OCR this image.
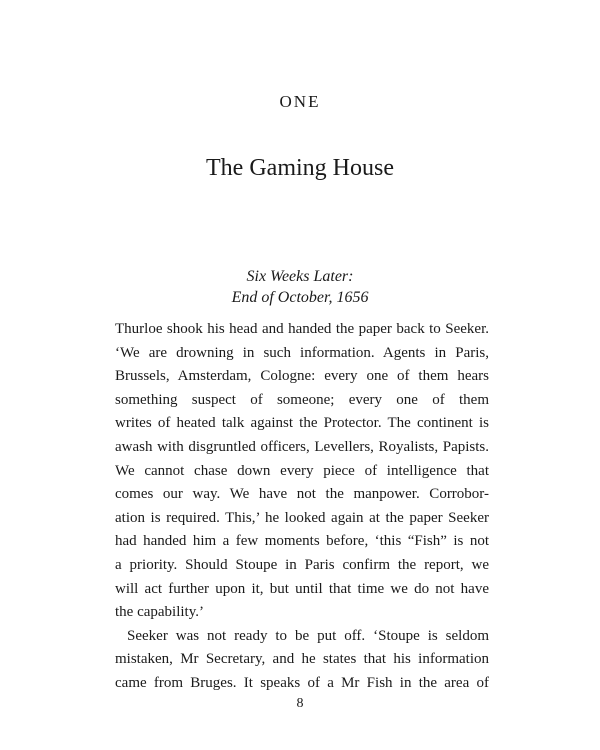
ONE
The Gaming House
Six Weeks Later:
End of October, 1656
Thurloe shook his head and handed the paper back to Seeker.
‘We are drowning in such information. Agents in Paris,
Brussels, Amsterdam, Cologne: every one of them hears
something suspect of someone; every one of them
writes of heated talk against the Protector. The continent is
awash with disgruntled officers, Levellers, Royalists, Papists.
We cannot chase down every piece of intelligence that
comes our way. We have not the manpower. Corrobor-
ation is required. This,’ he looked again at the paper Seeker
had handed him a few moments before, ‘this “Fish” is not
a priority. Should Stoupe in Paris confirm the report, we
will act further upon it, but until that time we do not have
the capability.’
Seeker was not ready to be put off. ‘Stoupe is seldom
mistaken, Mr Secretary, and he states that his information
came from Bruges. It speaks of a Mr Fish in the area of
8
